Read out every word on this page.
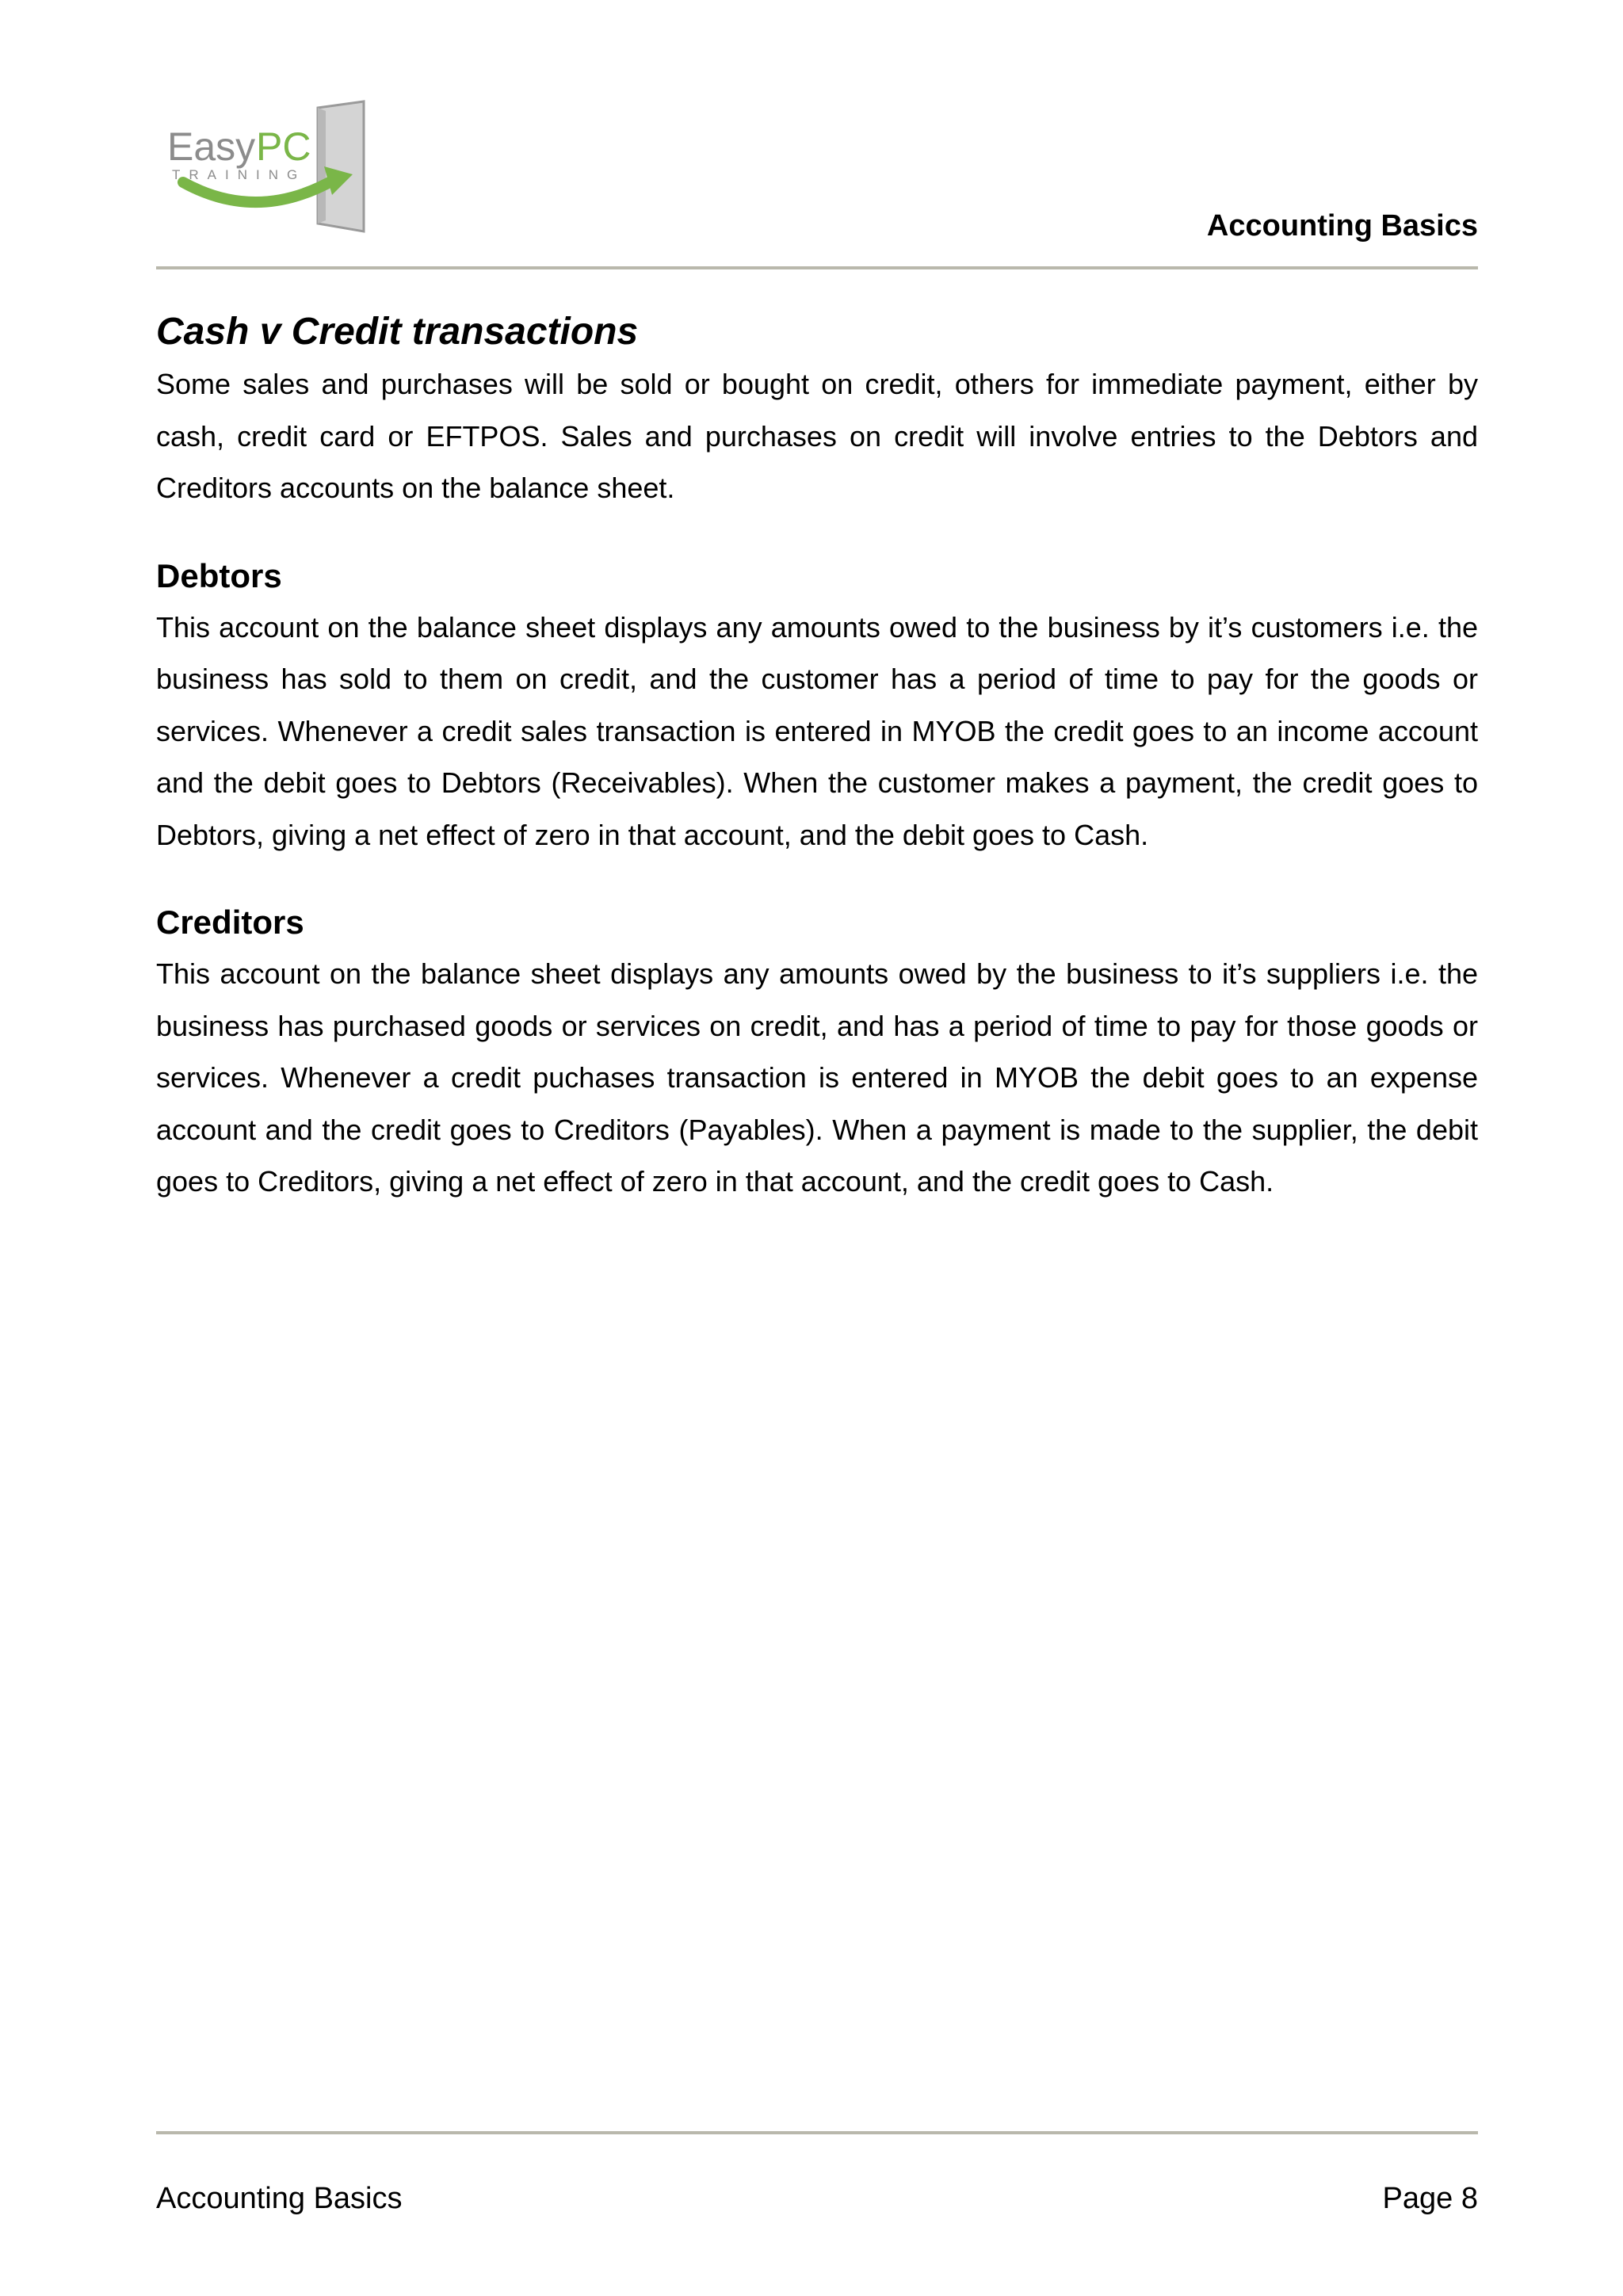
Easy PC
TRAINING
Accounting Basics
Cash v Credit transactions

Some sales and purchases will be sold or bought on credit, others for immediate payment, either by cash, credit card or EFTPOS. Sales and purchases on credit will involve entries to the Debtors and Creditors accounts on the balance sheet.

Debtors

This account on the balance sheet displays any amounts owed to the business by it’s customers i.e. the business has sold to them on credit, and the customer has a period of time to pay for the goods or services. Whenever a credit sales transaction is entered in MYOB the credit goes to an income account and the debit goes to Debtors (Receivables). When the customer makes a payment, the credit goes to Debtors, giving a net effect of zero in that account, and the debit goes to Cash.

Creditors

This account on the balance sheet displays any amounts owed by the business to it’s suppliers i.e. the business has purchased goods or services on credit, and has a period of time to pay for those goods or services. Whenever a credit puchases transaction is entered in MYOB the debit goes to an expense account and the credit goes to Creditors (Payables). When a payment is made to the supplier, the debit goes to Creditors, giving a net effect of zero in that account, and the credit goes to Cash.

Accounting Basics	Page 8
